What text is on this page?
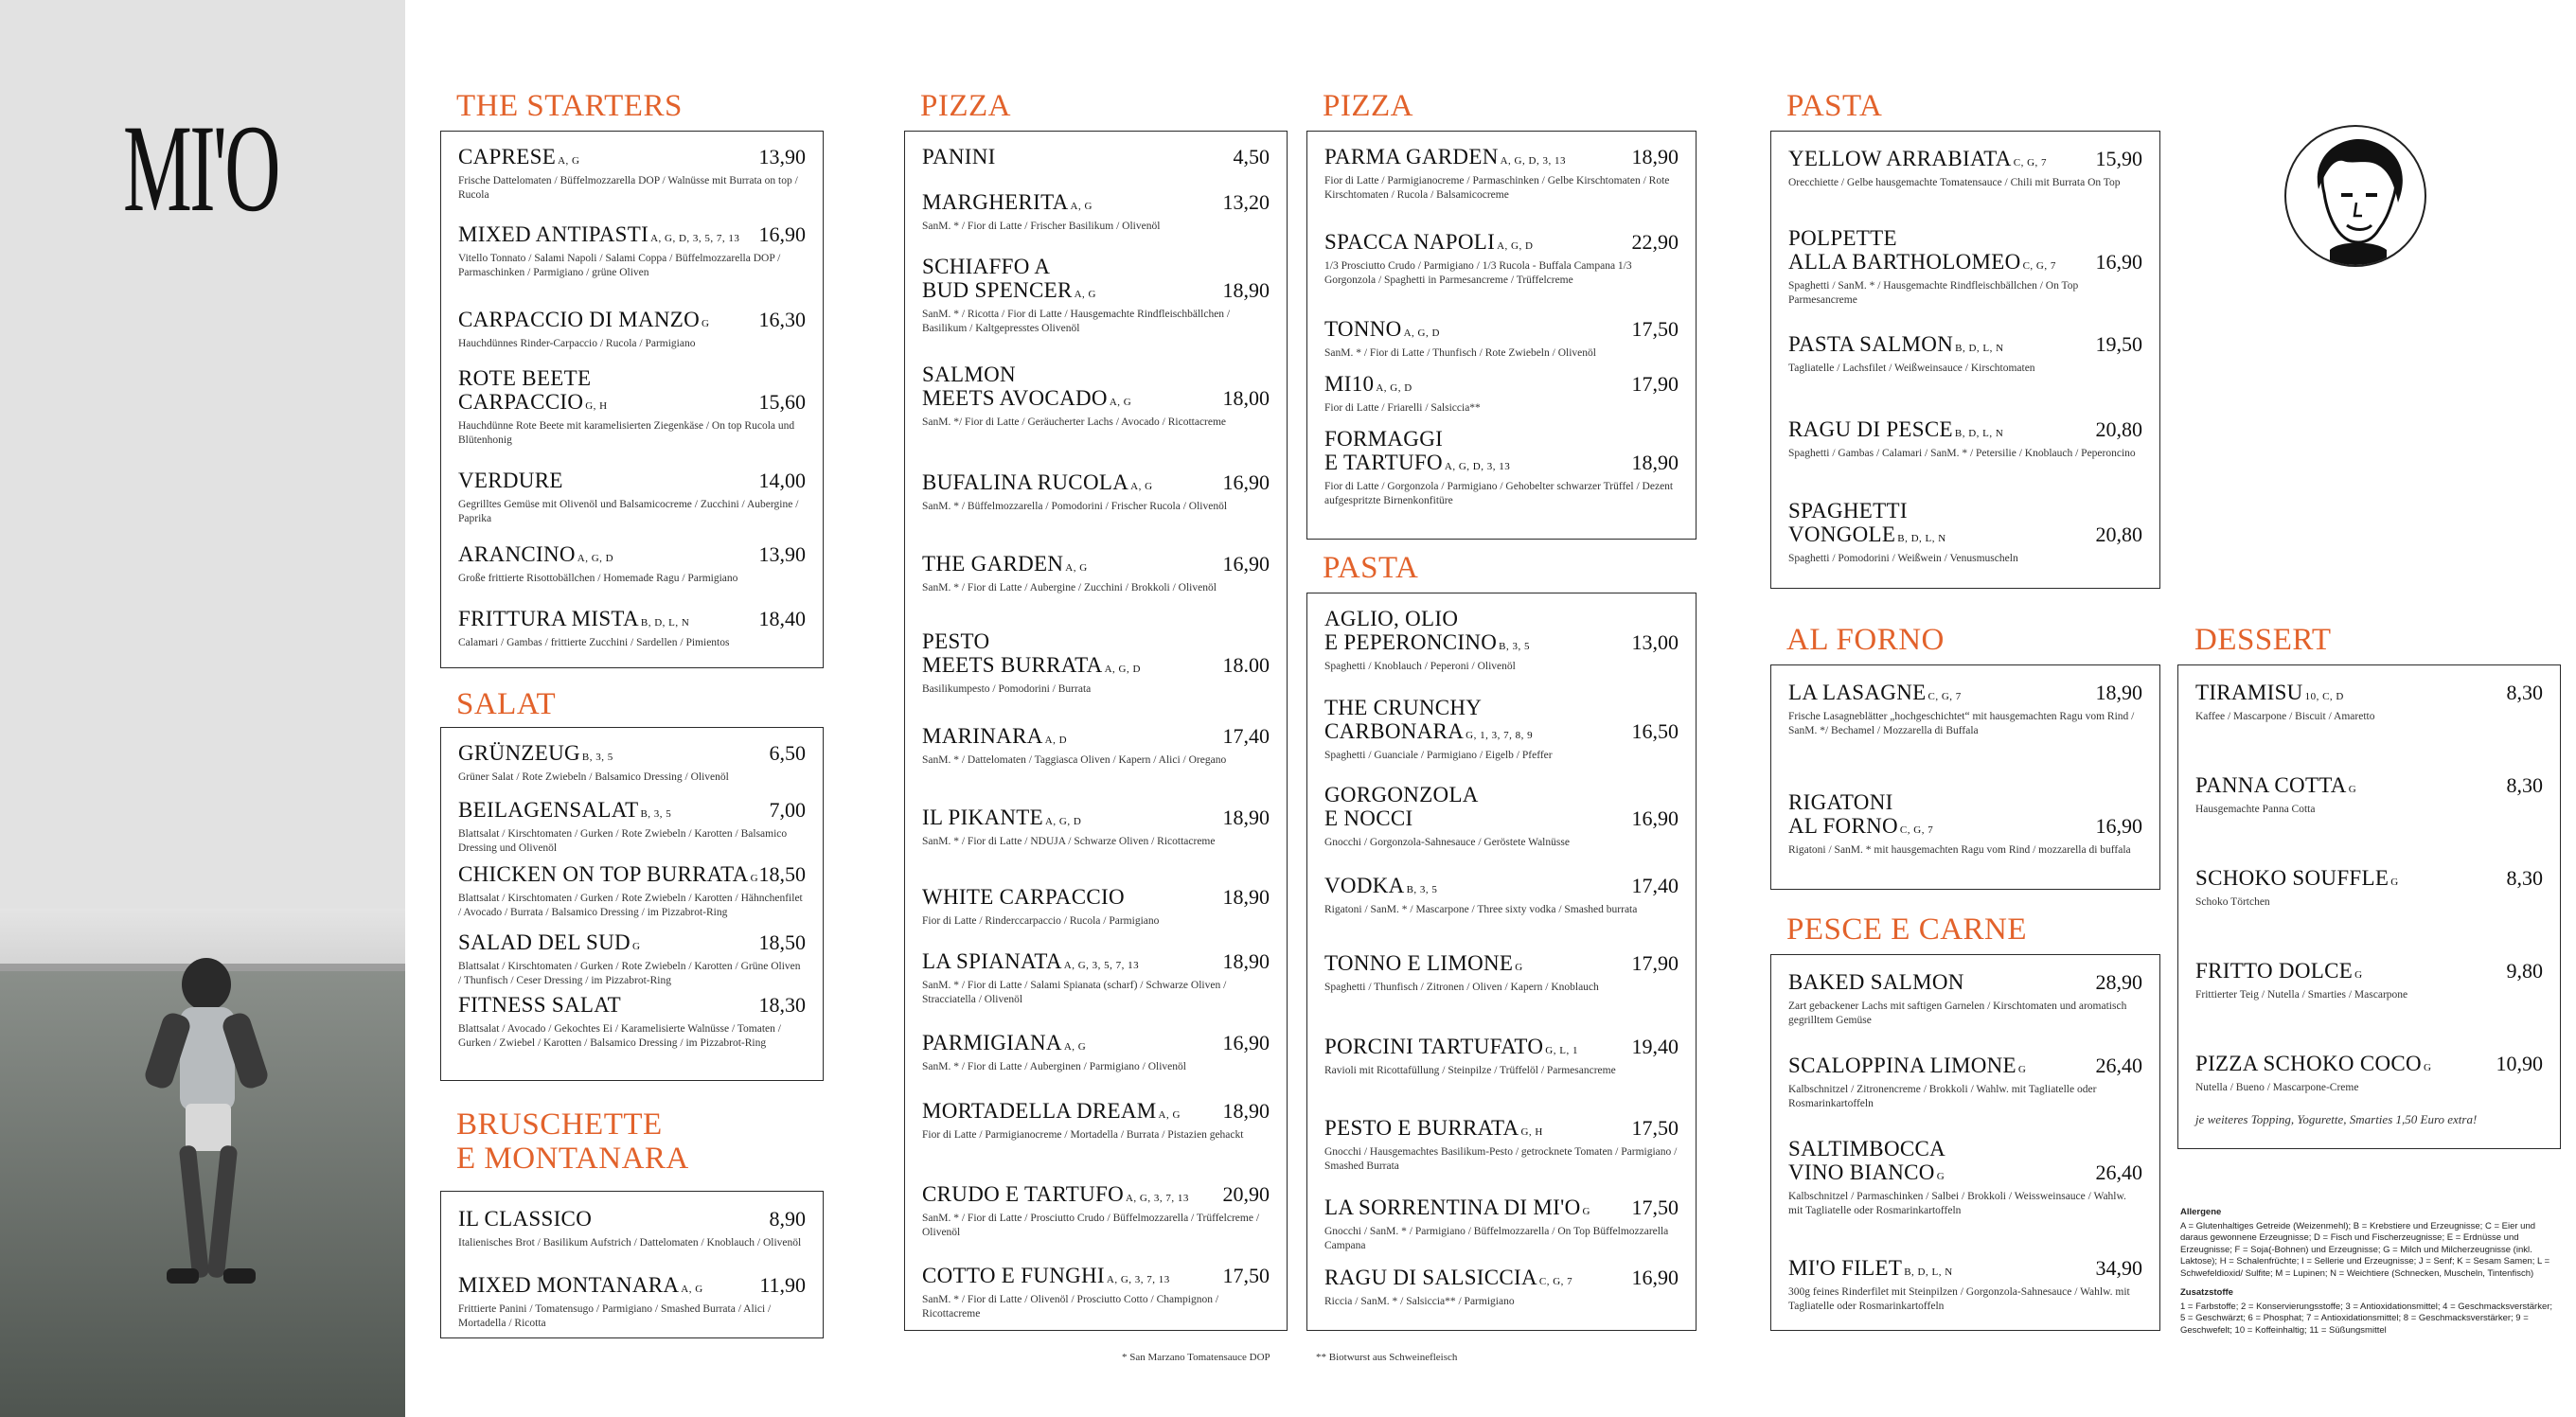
MI'O	THE STARTERS
CAPRESE A, G	13,90
Frische Dattelomaten / Büffelmozzarella DOP / Walnüsse mit Burrata on top / Rucola
MIXED ANTIPASTI A, G, D, 3, 5, 7, 13 16,90
Vitello Tonnato / Salami Napoli / Salami Coppa / Büffelmozzarella DOP / Parmaschinken / Parmigiano / grüne Oliven
CARPACCIO DI MANZO G	16,30
Hauchdünnes Rinder-Carpaccio / Rucola / Parmigiano
ROTE BEETE
CARPACCIO G, H	15,60
Hauchdünne Rote Beete mit karamelisierten Ziegenkäse / On top Rucola und Blütenhonig
VERDURE	14,00
Gegrilltes Gemüse mit Olivenöl und Balsamicocreme / Zucchini / Aubergine / Paprika
ARANCINO A, G, D	13,90
Große frittierte Risottobällchen / Homemade Ragu / Parmigiano
FRITTURA MISTA B, D, L, N	18,40
Calamari / Gambas / frittierte Zucchini / Sardellen / Pimientos
SALAT
GRÜNZEUG B, 3, 5	6,50
Grüner Salat / Rote Zwiebeln / Balsamico Dressing / Olivenöl
BEILAGENSALAT B, 3, 5	7,00
Blattsalat / Kirschtomaten / Gurken / Rote Zwiebeln / Karotten / Balsamico Dressing und Olivenöl
CHICKEN ON TOP BURRATA G 18,50
Blattsalat / Kirschtomaten / Gurken / Rote Zwiebeln / Karotten / Hähnchenfilet / Avocado / Burrata / Balsamico Dressing / im Pizzabrot-Ring
SALAD DEL SUD G	18,50
Blattsalat / Kirschtomaten / Gurken / Rote Zwiebeln / Karotten / Grüne Oliven / Thunfisch / Ceser Dressing / im Pizzabrot-Ring
FITNESS SALAT	18,30
Blattsalat / Avocado / Gekochtes Ei / Karamelisierte Walnüsse / Tomaten / Gurken / Zwiebel / Karotten / Balsamico Dressing / im Pizzabrot-Ring
BRUSCHETTE
E MONTANARA
IL CLASSICO	8,90
Italienisches Brot / Basilikum Aufstrich / Dattelomaten / Knoblauch / Olivenöl
MIXED MONTANARA A, G	11,90
Frittierte Panini / Tomatensugo / Parmigiano / Smashed Burrata / Alici / Mortadella / Ricotta
PIZZA
PANINI	4,50
MARGHERITA A, G	13,20
SanM. * / Fior di Latte / Frischer Basilikum / Olivenöl
SCHIAFFO A
BUD SPENCER A, G	18,90
SanM. * / Ricotta / Fior di Latte / Hausgemachte Rindfleischbällchen / Basilikum / Kaltgepresstes Olivenöl
SALMON
MEETS AVOCADO A, G	18,00
SanM. */ Fior di Latte / Geräucherter Lachs / Avocado / Ricottacreme
BUFALINA RUCOLA A, G	16,90
SanM. * / Büffelmozzarella / Pomodorini / Frischer Rucola / Olivenöl
THE GARDEN A, G	16,90
SanM. * / Fior di Latte / Aubergine / Zucchini / Brokkoli / Olivenöl
PESTO
MEETS BURRATA A, G, D	18.00
Basilikumpesto / Pomodorini / Burrata
MARINARA A, D	17,40
SanM. * / Dattelomaten / Taggiasca Oliven / Kapern / Alici / Oregano
IL PIKANTE A, G, D	18,90
SanM. * / Fior di Latte / NDUJA / Schwarze Oliven / Ricottacreme
WHITE CARPACCIO	18,90
Fior di Latte / Rinderccarpaccio / Rucola / Parmigiano
LA SPIANATA A, G, 3, 5, 7, 13	18,90
SanM. * / Fior di Latte / Salami Spianata (scharf) / Schwarze Oliven / Stracciatella / Olivenöl
PARMIGIANA A, G	16,90
SanM. * / Fior di Latte / Auberginen / Parmigiano / Olivenöl
MORTADELLA DREAM A, G	18,90
Fior di Latte / Parmigianocreme / Mortadella / Burrata / Pistazien gehackt
CRUDO E TARTUFO A, G, 3, 7, 13	20,90
SanM. * / Fior di Latte / Prosciutto Crudo / Büffelmozzarella / Trüffelcreme / Olivenöl
COTTO E FUNGHI A, G, 3, 7, 13	17,50
SanM. * / Fior di Latte / Olivenöl / Prosciutto Cotto / Champignon / Ricottacreme
* San Marzano Tomatensauce DOP	** Biotwurst aus Schweinefleisch
PIZZA
PARMA GARDEN A, G, D, 3, 13	18,90
Fior di Latte / Parmigianocreme / Parmaschinken / Gelbe Kirschtomaten / Rote Kirschtomaten / Rucola / Balsamicocreme
SPACCA NAPOLI A, G, D	22,90
1/3 Prosciutto Crudo / Parmigiano / 1/3 Rucola - Buffala Campana 1/3 Gorgonzola / Spaghetti in Parmesancreme / Trüffelcreme
TONNO A, G, D	17,50
SanM. * / Fior di Latte / Thunfisch / Rote Zwiebeln / Olivenöl
MI10 A, G, D	17,90
Fior di Latte / Friarelli / Salsiccia**
FORMAGGI
E TARTUFO A, G, D, 3, 13	18,90
Fior di Latte / Gorgonzola / Parmigiano / Gehobelter schwarzer Trüffel / Dezent aufgespritzte Birnenkonfitüre
PASTA
AGLIO, OLIO
E PEPERONCINO B, 3, 5	13,00
Spaghetti / Knoblauch / Peperoni / Olivenöl
THE CRUNCHY
CARBONARA G, 1, 3, 7, 8, 9	16,50
Spaghetti / Guanciale / Parmigiano / Eigelb / Pfeffer
GORGONZOLA
E NOCCI	16,90
Gnocchi / Gorgonzola-Sahnesauce / Geröstete Walnüsse
VODKA B, 3, 5	17,40
Rigatoni / SanM. * / Mascarpone / Three sixty vodka / Smashed burrata
TONNO E LIMONE G	17,90
Spaghetti / Thunfisch / Zitronen / Oliven / Kapern / Knoblauch
PORCINI TARTUFATO G, L, 1	19,40
Ravioli mit Ricottafüllung / Steinpilze / Trüffelöl / Parmesancreme
PESTO E BURRATA G, H	17,50
Gnocchi / Hausgemachtes Basilikum-Pesto / getrocknete Tomaten / Parmigiano / Smashed Burrata
LA SORRENTINA DI MI'O G	17,50
Gnocchi / SanM. * / Parmigiano / Büffelmozzarella / On Top Büffelmozzarella Campana
RAGU DI SALSICCIA C, G, 7	16,90
Riccia / SanM. * / Salsiccia** / Parmigiano
PASTA
YELLOW ARRABIATA C, G, 7	15,90
Orecchiette / Gelbe hausgemachte Tomatensauce / Chili mit Burrata On Top
POLPETTE
ALLA BARTHOLOMEO C, G, 7	16,90
Spaghetti / SanM. * / Hausgemachte Rindfleischbällchen / On Top Parmesancreme
PASTA SALMON B, D, L, N	19,50
Tagliatelle / Lachsfilet / Weißweinsauce / Kirschtomaten
RAGU DI PESCE B, D, L, N	20,80
Spaghetti / Gambas / Calamari / SanM. * / Petersilie / Knoblauch / Peperoncino
SPAGHETTI
VONGOLE B, D, L, N	20,80
Spaghetti / Pomodorini / Weißwein / Venusmuscheln
AL FORNO
LA LASAGNE C, G, 7	18,90
Frische Lasagneblätter „hochgeschichtet“ mit hausgemachten Ragu vom Rind / SanM. */ Bechamel / Mozzarella di Buffala
RIGATONI
AL FORNO C, G, 7	16,90
Rigatoni / SanM. * mit hausgemachten Ragu vom Rind / mozzarella di buffala
PESCE E CARNE
BAKED SALMON	28,90
Zart gebackener Lachs mit saftigen Garnelen / Kirschtomaten und aromatisch gegrilltem Gemüse
SCALOPPINA LIMONE G	26,40
Kalbschnitzel / Zitronencreme / Brokkoli / Wahlw. mit Tagliatelle oder Rosmarinkartoffeln
SALTIMBOCCA
VINO BIANCO G	26,40
Kalbschnitzel / Parmaschinken / Salbei / Brokkoli / Weissweinsauce / Wahlw. mit Tagliatelle oder Rosmarinkartoffeln
MI'O FILET B, D, L, N	34,90
300g feines Rinderfilet mit Steinpilzen / Gorgonzola-Sahnesauce / Wahlw. mit Tagliatelle oder Rosmarinkartoffeln
DESSERT
TIRAMISU 10, C, D	8,30
Kaffee / Mascarpone / Biscuit / Amaretto
PANNA COTTA G	8,30
Hausgemachte Panna Cotta
SCHOKO SOUFFLE G	8,30
Schoko Törtchen
FRITTO DOLCE G	9,80
Frittierter Teig / Nutella / Smarties / Mascarpone
PIZZA SCHOKO COCO G	10,90
Nutella / Bueno / Mascarpone-Creme
je weiteres Topping, Yogurette, Smarties 1,50 Euro extra!
Allergene
A = Glutenhaltiges Getreide (Weizenmehl); B = Krebstiere und Erzeugnisse; C = Eier und daraus gewonnene Erzeugnisse; D = Fisch und Fischerzeugnisse; E = Erdnüsse und Erzeugnisse; F = Soja(-Bohnen) und Erzeugnisse; G = Milch und Milcherzeugnisse (inkl. Laktose); H = Schalenfrüchte; I = Sellerie und Erzeugnisse; J = Senf; K = Sesam Samen; L = Schwefeldioxid/ Sulfite; M = Lupinen; N = Weichtiere (Schnecken, Muscheln, Tintenfisch)
Zusatzstoffe
1 = Farbstoffe; 2 = Konservierungsstoffe; 3 = Antioxidationsmittel; 4 = Geschmacksverstärker; 5 = Geschwärzt; 6 = Phosphat; 7 = Antioxidationsmittel; 8 = Geschmacksverstärker; 9 = Geschwefelt; 10 = Koffeinhaltig; 11 = Süßungsmittel
